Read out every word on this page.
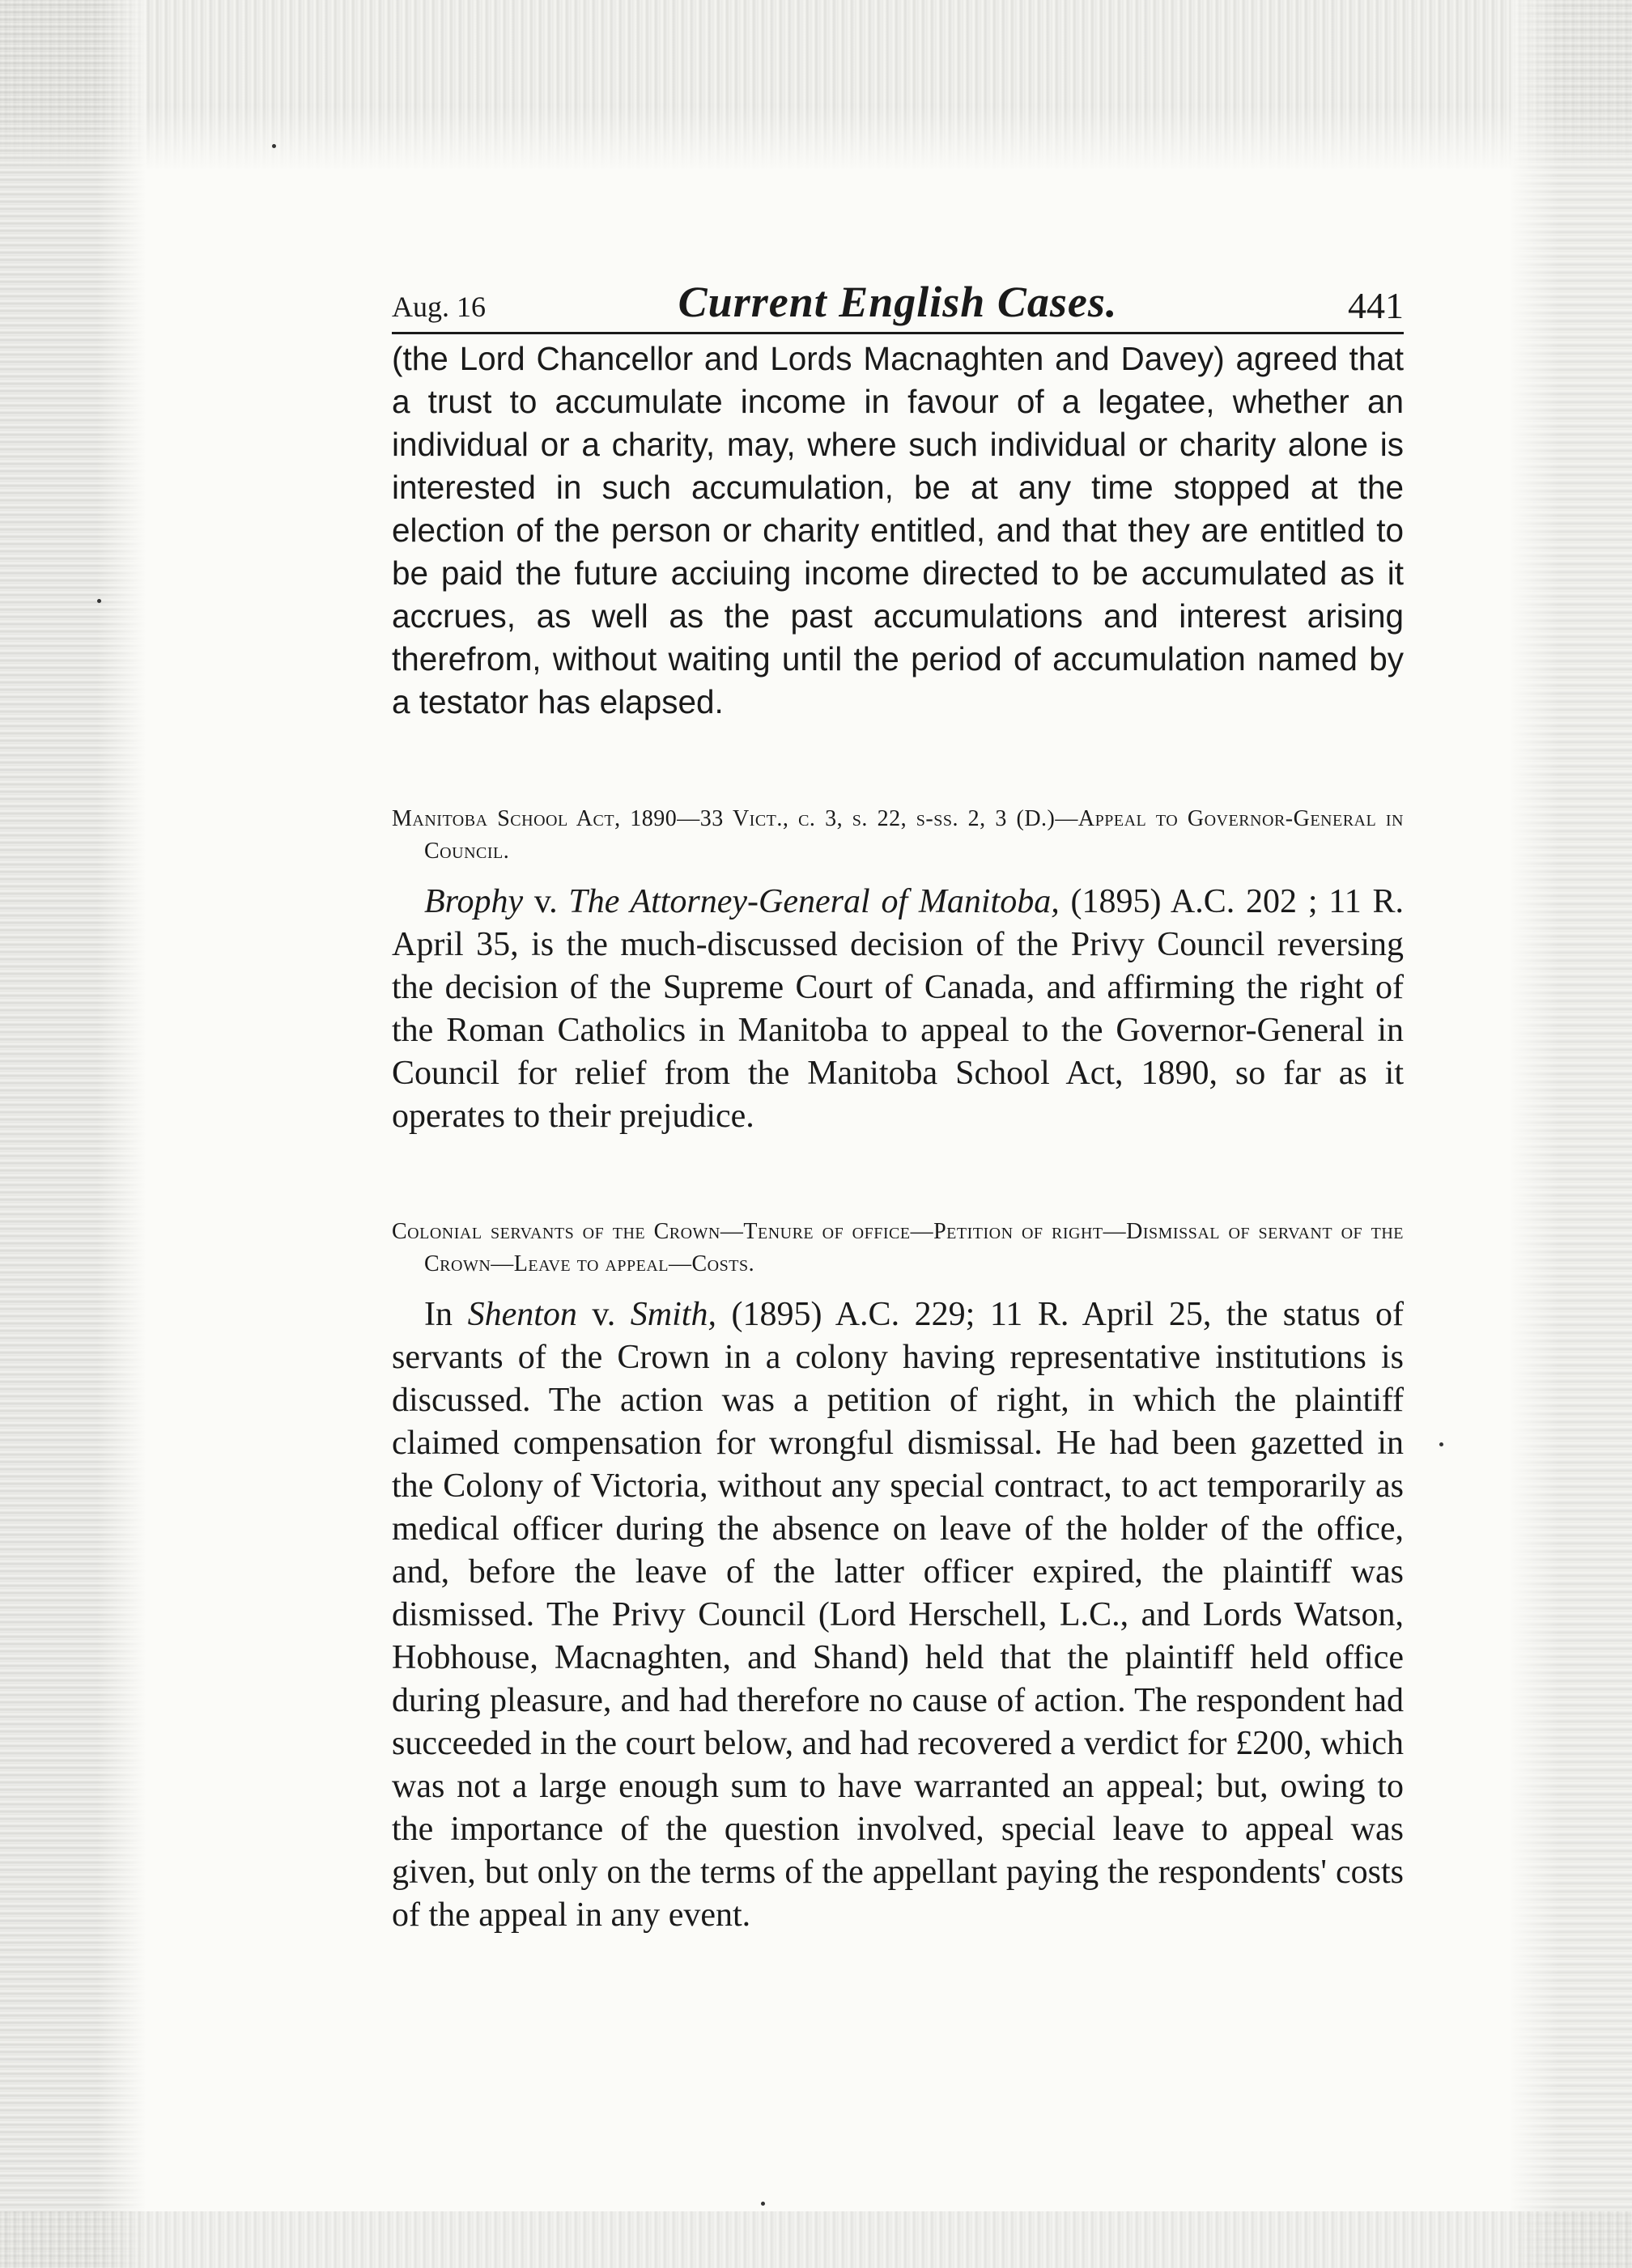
Aug. 16	Current English Cases.	441

(the Lord Chancellor and Lords Macnaghten and Davey) agreed that a trust to accumulate income in favour of a legatee, whether an individual or a charity, may, where such individual or charity alone is interested in such accumulation, be at any time stopped at the election of the person or charity entitled, and that they are entitled to be paid the future acciuing income directed to be accumulated as it accrues, as well as the past accumulations and interest arising therefrom, without waiting until the period of accumulation named by a testator has elapsed.

Manitoba School Act, 1890—33 Vict., c. 3, s. 22, s-ss. 2, 3 (D.)—Appeal to Governor-General in Council.

Brophy v. The Attorney-General of Manitoba, (1895) A.C. 202 ; 11 R. April 35, is the much-discussed decision of the Privy Council reversing the decision of the Supreme Court of Canada, and affirming the right of the Roman Catholics in Manitoba to appeal to the Governor-General in Council for relief from the Manitoba School Act, 1890, so far as it operates to their prejudice.

Colonial servants of the Crown—Tenure of office—Petition of right—Dismissal of servant of the Crown—Leave to appeal—Costs.

In Shenton v. Smith, (1895) A.C. 229; 11 R. April 25, the status of servants of the Crown in a colony having representative institutions is discussed. The action was a petition of right, in which the plaintiff claimed compensation for wrongful dismissal. He had been gazetted in the Colony of Victoria, without any special contract, to act temporarily as medical officer during the absence on leave of the holder of the office, and, before the leave of the latter officer expired, the plaintiff was dismissed. The Privy Council (Lord Herschell, L.C., and Lords Watson, Hobhouse, Macnaghten, and Shand) held that the plaintiff held office during pleasure, and had therefore no cause of action. The respondent had succeeded in the court below, and had recovered a verdict for £200, which was not a large enough sum to have warranted an appeal; but, owing to the importance of the question involved, special leave to appeal was given, but only on the terms of the appellant paying the respondents' costs of the appeal in any event.
